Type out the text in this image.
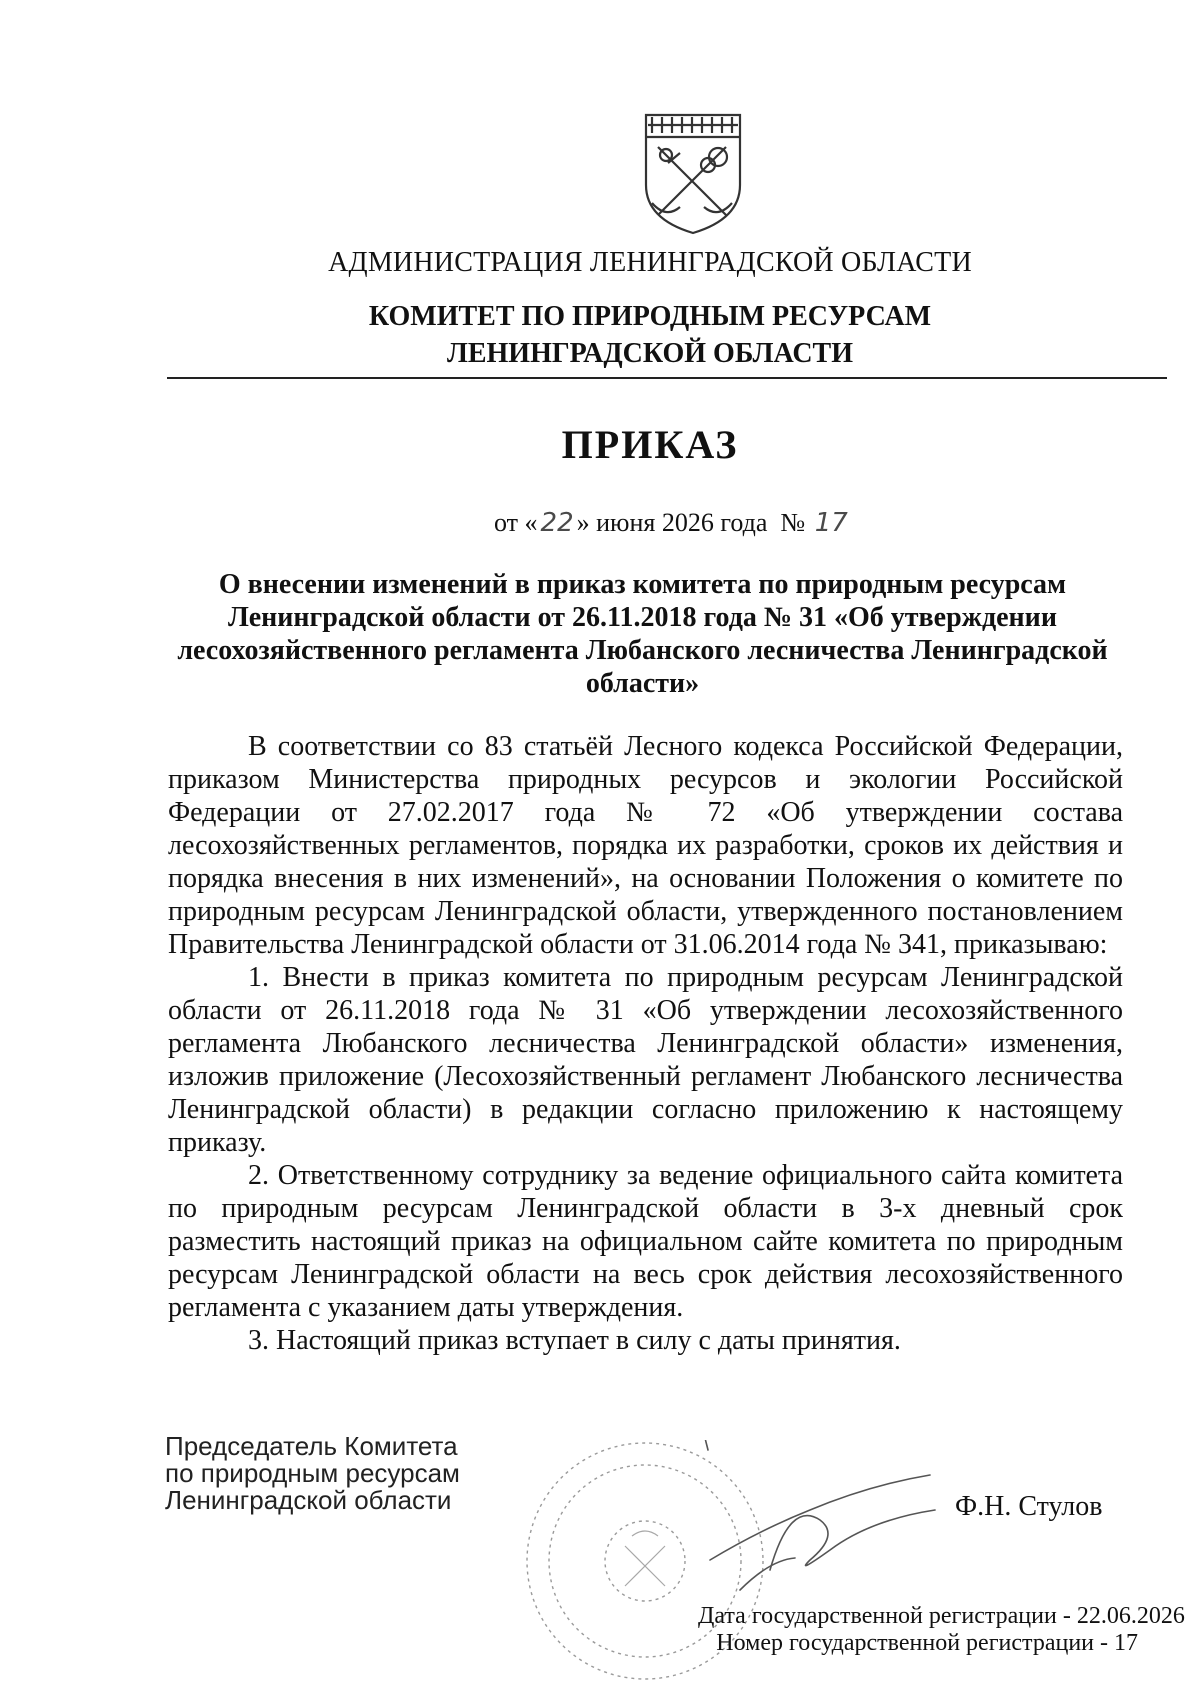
АДМИНИСТРАЦИЯ ЛЕНИНГРАДСКОЙ ОБЛАСТИ
КОМИТЕТ ПО ПРИРОДНЫМ РЕСУРСАМ
ЛЕНИНГРАДСКОЙ ОБЛАСТИ
ПРИКАЗ
от « 22 » июня 2026 года № 17
О внесении изменений в приказ комитета по природным ресурсам
Ленинградской области от 26.11.2018 года № 31 «Об утверждении
лесохозяйственного регламента Любанского лесничества Ленинградской
области»

В соответствии со 83 статьёй Лесного кодекса Российской Федерации, приказом Министерства природных ресурсов и экологии Российской Федерации от 27.02.2017 года № 72 «Об утверждении состава лесохозяйственных регламентов, порядка их разработки, сроков их действия и порядка внесения в них изменений», на основании Положения о комитете по природным ресурсам Ленинградской области, утвержденного постановлением Правительства Ленинградской области от 31.06.2014 года № 341, приказываю:

1. Внести в приказ комитета по природным ресурсам Ленинградской области от 26.11.2018 года № 31 «Об утверждении лесохозяйственного регламента Любанского лесничества Ленинградской области» изменения, изложив приложение (Лесохозяйственный регламент Любанского лесничества Ленинградской области) в редакции согласно приложению к настоящему приказу.

2. Ответственному сотруднику за ведение официального сайта комитета по природным ресурсам Ленинградской области в 3-х дневный срок разместить настоящий приказ на официальном сайте комитета по природным ресурсам Ленинградской области на весь срок действия лесохозяйственного регламента с указанием даты утверждения.

3. Настоящий приказ вступает в силу с даты принятия.

Председатель Комитета
по природным ресурсам
Ленинградской области	Ф.Н. Стулов
Дата государственной регистрации - 22.06.2026
Номер государственной регистрации - 17
